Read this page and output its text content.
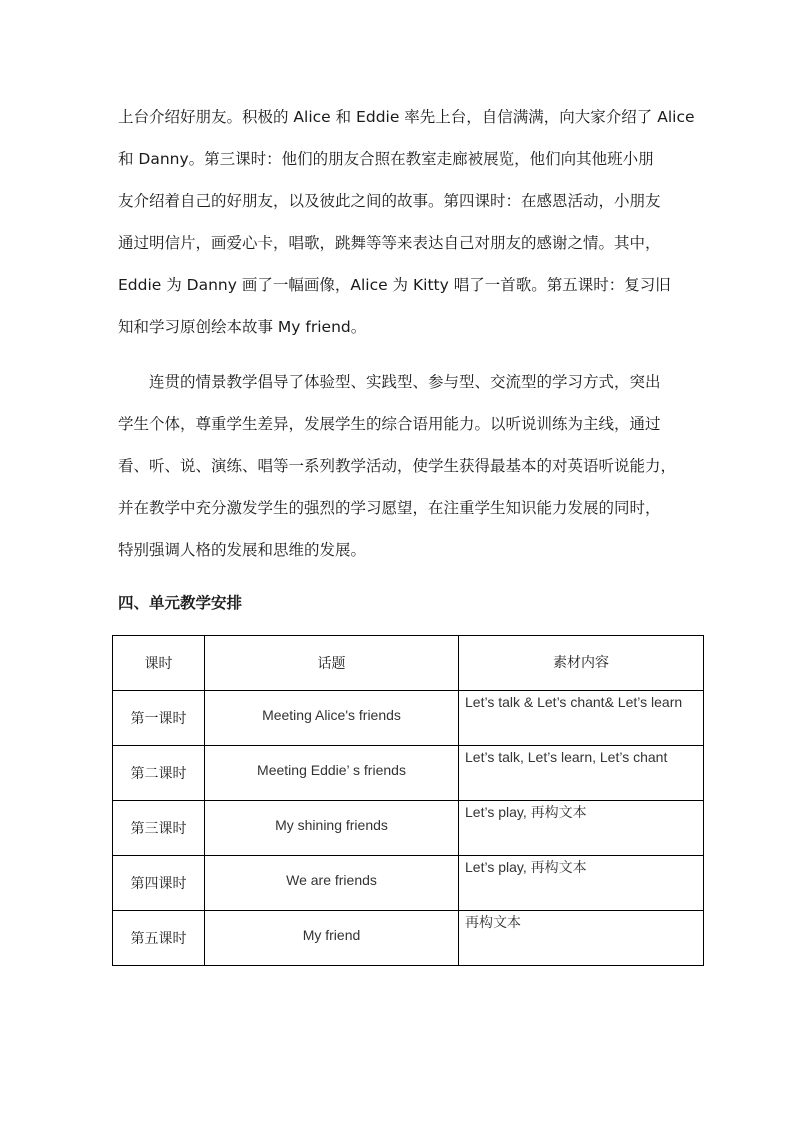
上台介绍好朋友。积极的 Alice 和 Eddie 率先上台，自信满满，向大家介绍了 Alice
和 Danny。第三课时：他们的朋友合照在教室走廊被展览，他们向其他班小朋
友介绍着自己的好朋友，以及彼此之间的故事。第四课时：在感恩活动，小朋友
通过明信片，画爱心卡，唱歌，跳舞等等来表达自己对朋友的感谢之情。其中，
Eddie 为 Danny 画了一幅画像，Alice 为 Kitty 唱了一首歌。第五课时：复习旧
知和学习原创绘本故事 My friend。
　　连贯的情景教学倡导了体验型、实践型、参与型、交流型的学习方式，突出
学生个体，尊重学生差异，发展学生的综合语用能力。以听说训练为主线，通过
看、听、说、演练、唱等一系列教学活动，使学生获得最基本的对英语听说能力，
并在教学中充分激发学生的强烈的学习愿望，在注重学生知识能力发展的同时，
特别强调人格的发展和思维的发展。
四、单元教学安排
课时	话题	素材内容
第一课时	Meeting Alice's friends	Let’s talk & Let’s chant& Let’s learn
第二课时	Meeting Eddie’ s friends	Let’s talk, Let’s learn, Let’s chant
第三课时	My shining friends	Let’s play, 再构文本
第四课时	We are friends	Let’s play, 再构文本
第五课时	My friend	再构文本
